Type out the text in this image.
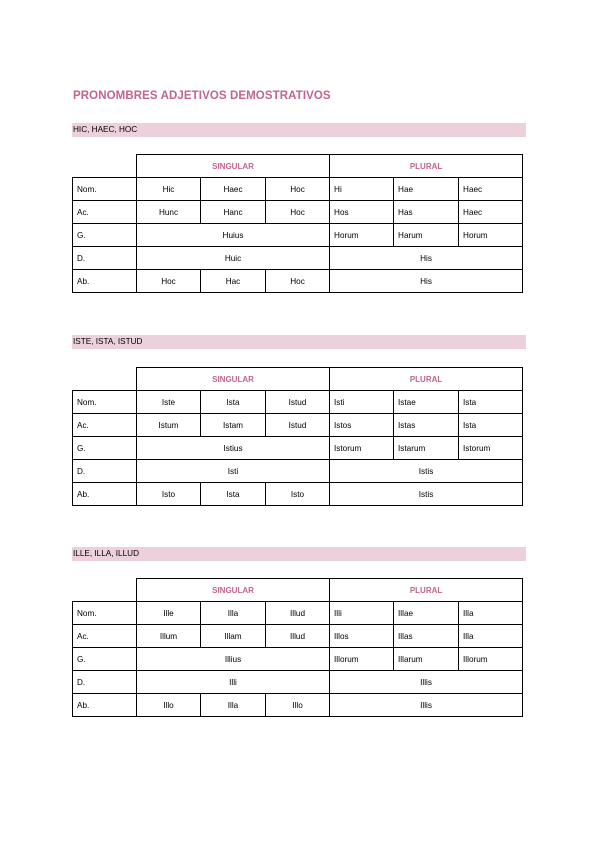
PRONOMBRES ADJETIVOS DEMOSTRATIVOS
HIC, HAEC, HOC
	SINGULAR			PLURAL		
Nom.	Hic	Haec	Hoc	Hi	Hae	Haec
Ac.	Hunc	Hanc	Hoc	Hos	Has	Haec
G.	Huius			Horum	Harum	Horum
D.	Huic			His		
Ab.	Hoc	Hac	Hoc	His		
ISTE, ISTA, ISTUD
	SINGULAR			PLURAL		
Nom.	Iste	Ista	Istud	Isti	Istae	Ista
Ac.	Istum	Istam	Istud	Istos	Istas	Ista
G.	Istius			Istorum	Istarum	Istorum
D.	Isti			Istis		
Ab.	Isto	Ista	Isto	Istis		
ILLE, ILLA, ILLUD
	SINGULAR			PLURAL		
Nom.	Ille	Illa	Illud	Illi	Illae	Illa
Ac.	Illum	Illam	Illud	Illos	Illas	Illa
G.	Illius			Illorum	Illarum	Illorum
D.	Illi			Illis		
Ab.	Illo	Illa	Illo	Illis		
